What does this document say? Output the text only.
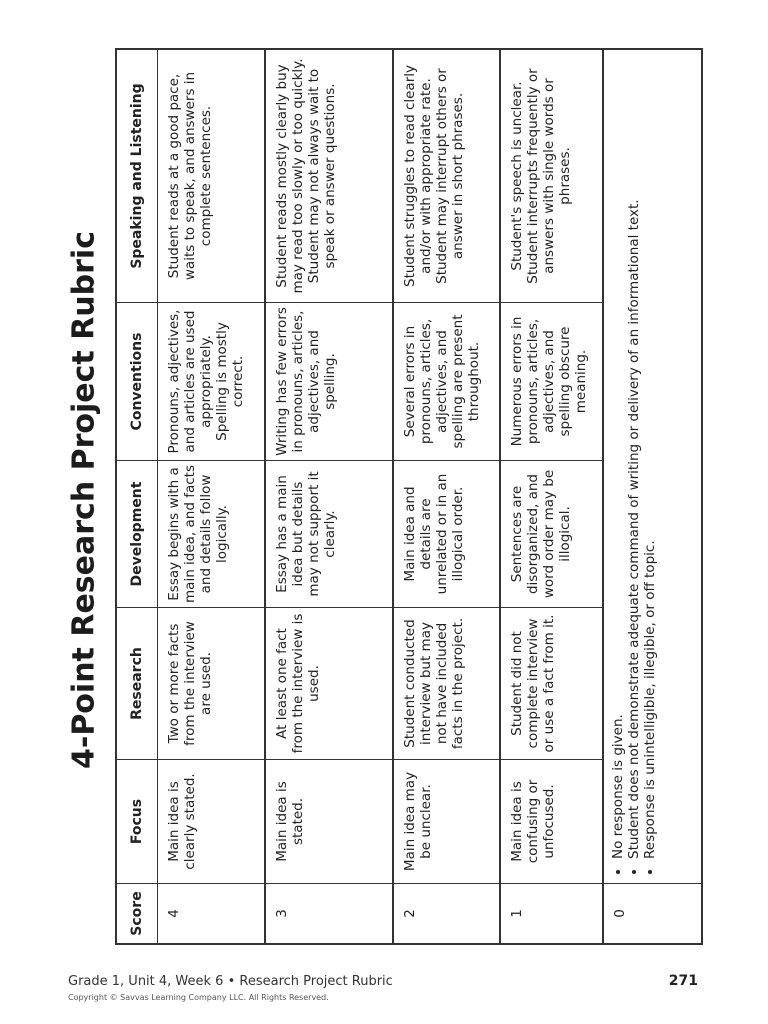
4-Point Research Project Rubric
Score
Focus
Research
Development
Conventions
Speaking and Listening
4
Main idea is clearly stated.
Two or more facts from the interview are used.
Essay begins with a main idea, and facts and details follow logically.
Pronouns, adjectives, and articles are used appropriately. Spelling is mostly correct.
Student reads at a good pace, waits to speak, and answers in complete sentences.
3
Main idea is stated.
At least one fact from the interview is used.
Essay has a main idea but details may not support it clearly.
Writing has few errors in pronouns, articles, adjectives, and spelling.
Student reads mostly clearly buy may read too slowly or too quickly. Student may not always wait to speak or answer questions.
2
Main idea may be unclear.
Student conducted interview but may not have included facts in the project.
Main idea and details are unrelated or in an illogical order.
Several errors in pronouns, articles, adjectives, and spelling are present throughout.
Student struggles to read clearly and/or with appropriate rate. Student may interrupt others or answer in short phrases.
1
Main idea is confusing or unfocused.
Student did not complete interview or use a fact from it.
Sentences are disorganized, and word order may be illogical.
Numerous errors in pronouns, articles, adjectives, and spelling obscure meaning.
Student's speech is unclear. Student interrupts frequently or answers with single words or phrases.
0
• No response is given. • Student does not demonstrate adequate command of writing or delivery of an informational text. • Response is unintelligible, illegible, or off topic.
Grade 1, Unit 4, Week 6 • Research Project Rubric
Copyright © Savvas Learning Company LLC. All Rights Reserved.
271
